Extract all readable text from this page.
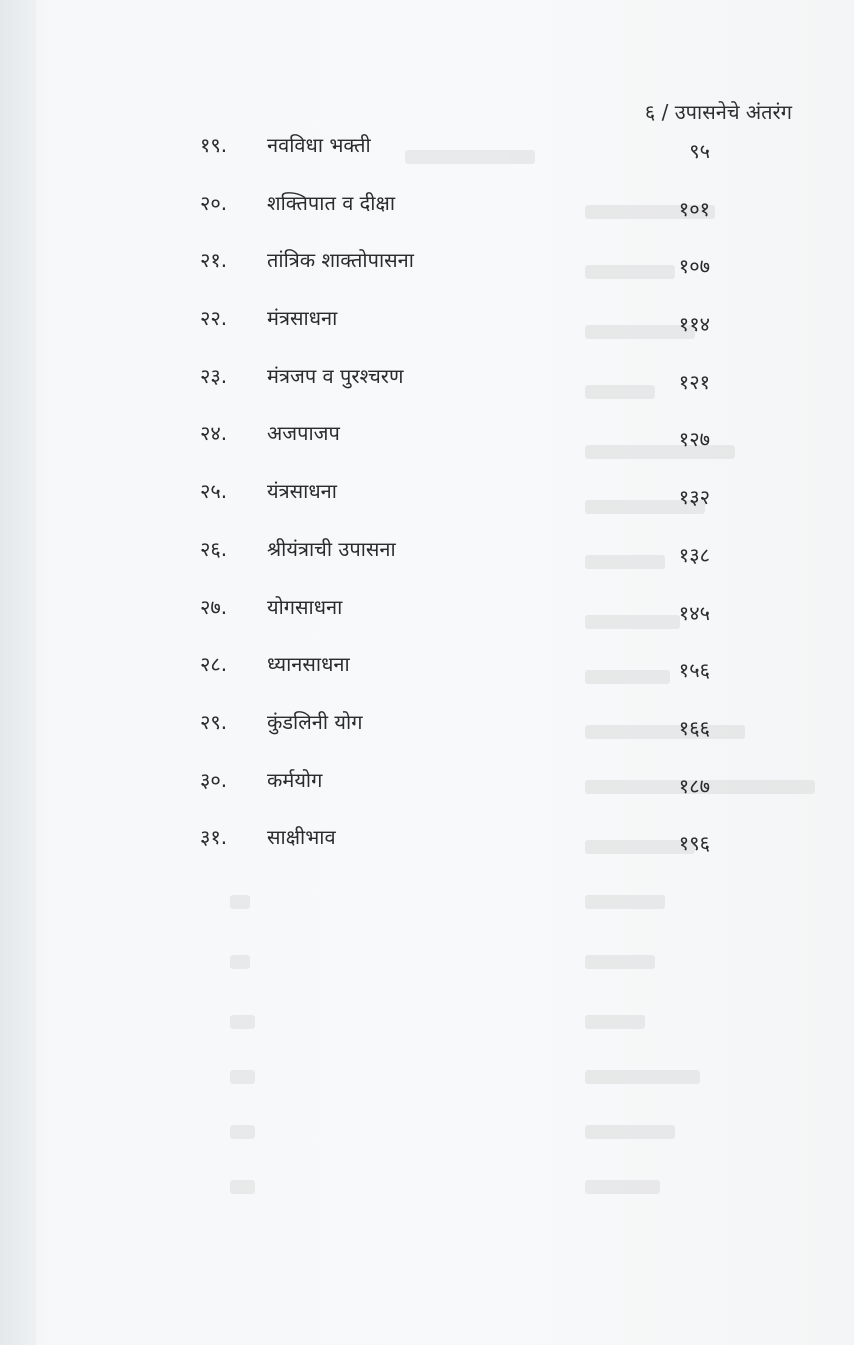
६ / उपासनेचे अंतरंग
१९.	नवविधा भक्ती	९५
२०.	शक्तिपात व दीक्षा	१०१
२१.	तांत्रिक शाक्तोपासना	१०७
२२.	मंत्रसाधना	११४
२३.	मंत्रजप व पुरश्चरण	१२१
२४.	अजपाजप	१२७
२५.	यंत्रसाधना	१३२
२६.	श्रीयंत्राची उपासना	१३८
२७.	योगसाधना	१४५
२८.	ध्यानसाधना	१५६
२९.	कुंडलिनी योग	१६६
३०.	कर्मयोग	१८७
३१.	साक्षीभाव	१९६
